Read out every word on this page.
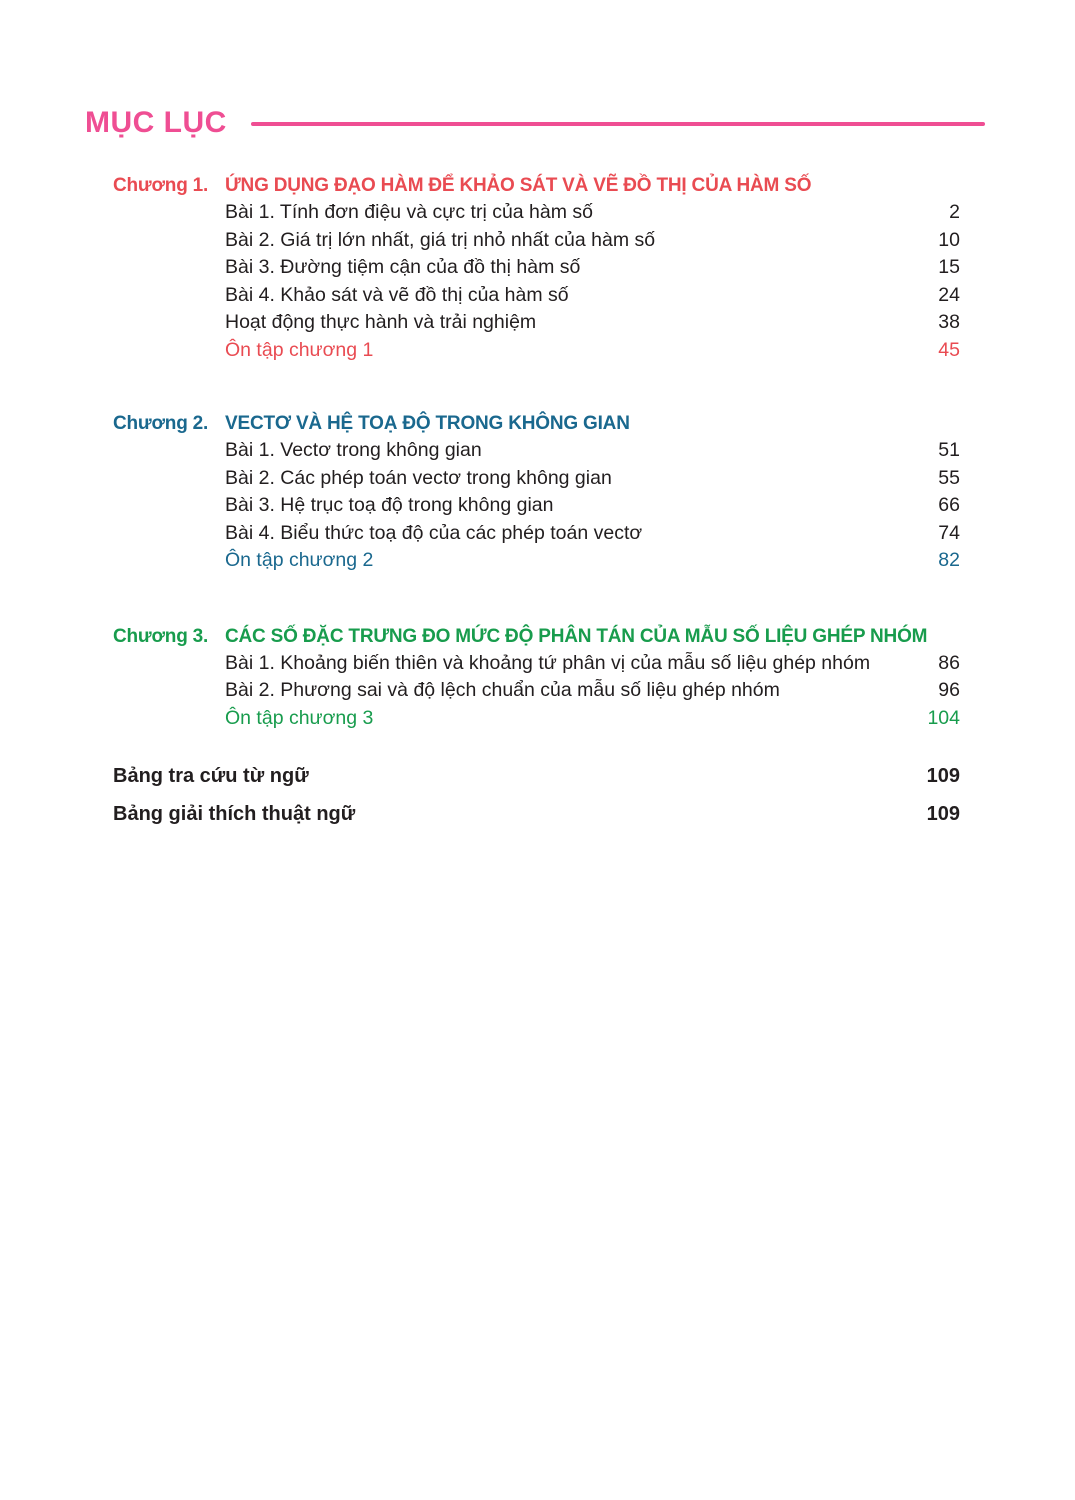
MỤC LỤC
Chương 1. ỨNG DỤNG ĐẠO HÀM ĐỂ KHẢO SÁT VÀ VẼ ĐỒ THỊ CỦA HÀM SỐ
Bài 1. Tính đơn điệu và cực trị của hàm số	2
Bài 2. Giá trị lớn nhất, giá trị nhỏ nhất của hàm số	10
Bài 3. Đường tiệm cận của đồ thị hàm số	15
Bài 4. Khảo sát và vẽ đồ thị của hàm số	24
Hoạt động thực hành và trải nghiệm	38
Ôn tập chương 1	45
Chương 2. VECTƠ VÀ HỆ TOẠ ĐỘ TRONG KHÔNG GIAN
Bài 1. Vectơ trong không gian	51
Bài 2. Các phép toán vectơ trong không gian	55
Bài 3. Hệ trục toạ độ trong không gian	66
Bài 4. Biểu thức toạ độ của các phép toán vectơ	74
Ôn tập chương 2	82
Chương 3. CÁC SỐ ĐẶC TRƯNG ĐO MỨC ĐỘ PHÂN TÁN CỦA MẪU SỐ LIỆU GHÉP NHÓM
Bài 1. Khoảng biến thiên và khoảng tứ phân vị của mẫu số liệu ghép nhóm	86
Bài 2. Phương sai và độ lệch chuẩn của mẫu số liệu ghép nhóm	96
Ôn tập chương 3	104
Bảng tra cứu từ ngữ	109
Bảng giải thích thuật ngữ	109
